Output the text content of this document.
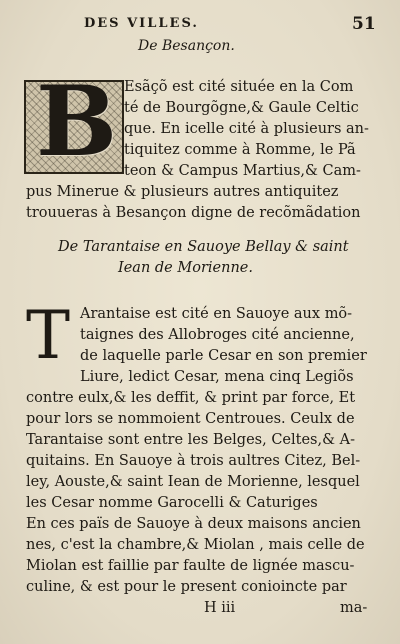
DES VILLES.	51
De Besançon.
B Esãçõ est cité située en la Com
té de Bourgõgne,& Gaule Celtic
que. En icelle cité à plusieurs an-
tiquitez comme à Romme, le Pã
teon & Campus Martius,& Cam-
pus Minerue & plusieurs autres antiquitez
trouueras à Besançon digne de recõmãdation
De Tarantaise en Sauoye Bellay & saint
Iean de Morienne.
T Arantaise est cité en Sauoye aux mõ-
taignes des Allobroges cité ancienne,
de laquelle parle Cesar en son premier
Liure, ledict Cesar, mena cinq Legiõs
contre eulx,& les deffit, & print par force, Et
pour lors se nommoient Centroues. Ceulx de
Tarantaise sont entre les Belges, Celtes,& A-
quitains. En Sauoye à trois aultres Citez, Bel-
ley, Aouste,& saint Iean de Morienne, lesquel
les Cesar nomme Garocelli & Caturiges
En ces païs de Sauoye à deux maisons ancien
nes, c'est la chambre,& Miolan , mais celle de
Miolan est faillie par faulte de lignée mascu-
culine, & est pour le present conioincte par
H iii	ma-
